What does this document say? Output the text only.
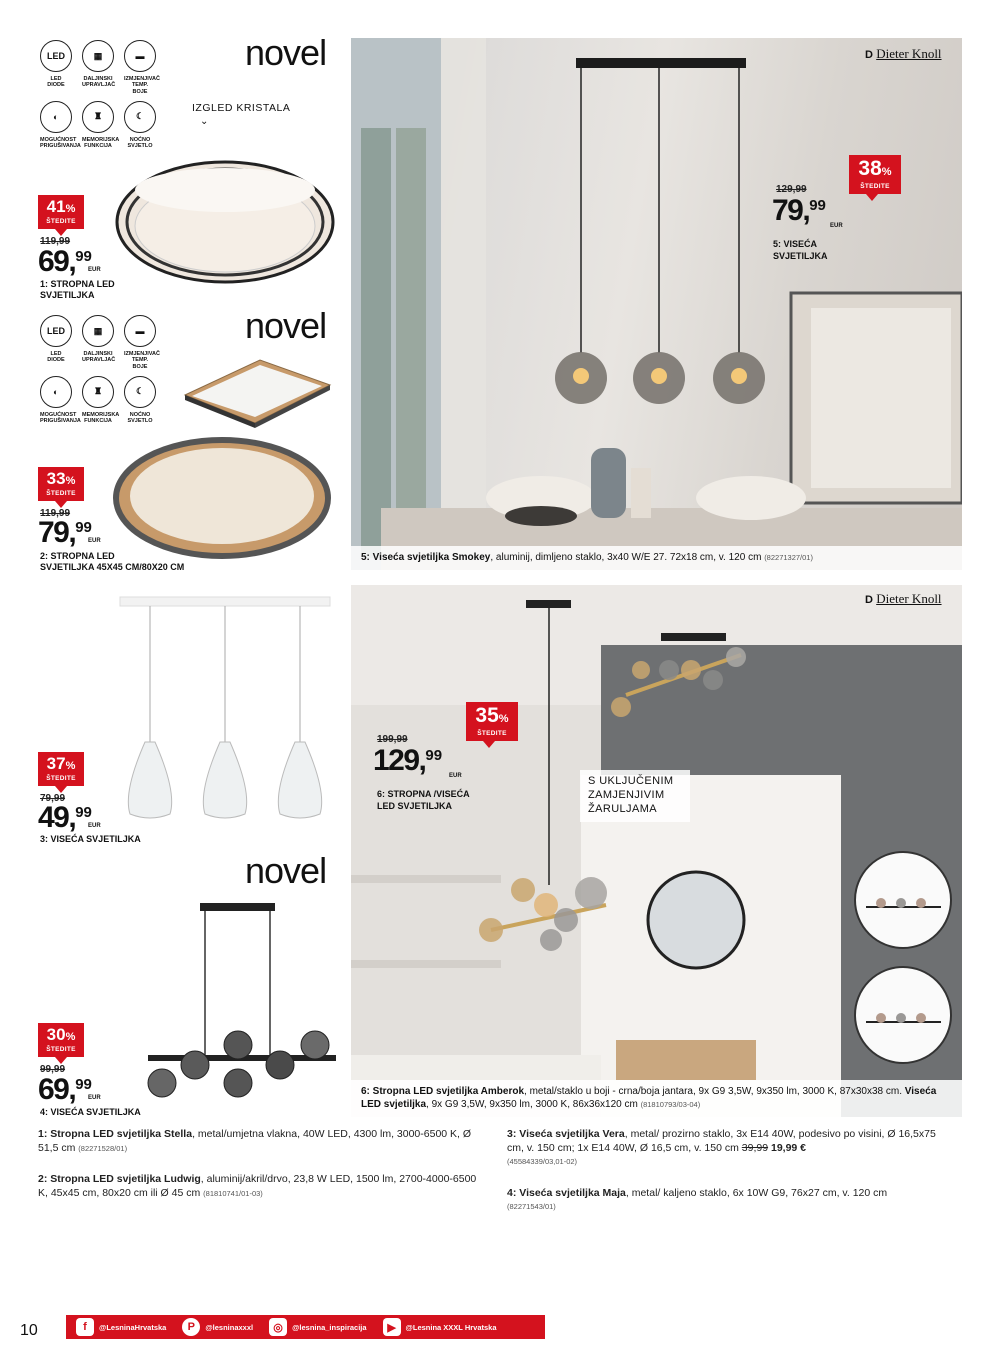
LED
LED
DIODE
▦
DALJINSKI
UPRAVLJAČ
▬
IZMJENJIVAČ
TEMP. BOJE
◐
MOGUĆNOST
PRIGUŠIVANJA
♜
MEMORIJSKA
FUNKCIJA
☾
NOĆNO
SVJETLO
novel
IZGLED KRISTALA
⌄
41%
ŠTEDITE
119,99
69,99
EUR
1: STROPNA LED
SVJETILJKA
LED
LED
DIODE
▦
DALJINSKI
UPRAVLJAČ
▬
IZMJENJIVAČ
TEMP. BOJE
◐
MOGUĆNOST
PRIGUŠIVANJA
♜
MEMORIJSKA
FUNKCIJA
☾
NOĆNO
SVJETLO
novel
33%
ŠTEDITE
119,99
79,99
EUR
2: STROPNA LED
SVJETILJKA 45X45 CM/80X20 CM
37%
ŠTEDITE
79,99
49,99
EUR
3: VISEĆA SVJETILJKA
novel
30%
ŠTEDITE
99,99
69,99
EUR
4: VISEĆA SVJETILJKA
D Dieter Knoll
38%
ŠTEDITE
129,99
79,99
EUR
5: VISEĆA
SVJETILJKA
5: Viseća svjetiljka Smokey, aluminij, dimljeno staklo, 3x40 W/E 27. 72x18 cm, v. 120 cm (82271327/01)
D Dieter Knoll
35%
ŠTEDITE
199,99
129,99
EUR
6: STROPNA /VISEĆA
LED SVJETILJKA
S UKLJUČENIM
ZAMJENJIVIM
ŽARULJAMA
6: Stropna LED svjetiljka Amberok, metal/staklo u boji - crna/boja jantara, 9x G9 3,5W, 9x350 lm, 3000 K, 87x30x38 cm. Viseća LED svjetiljka, 9x G9 3,5W, 9x350 lm, 3000 K, 86x36x120 cm (81810793/03-04)
1: Stropna LED svjetiljka Stella, metal/umjetna vlakna, 40W LED, 4300 lm, 3000-6500 K, Ø 51,5 cm (82271528/01)
2: Stropna LED svjetiljka Ludwig, aluminij/akril/drvo, 23,8 W LED, 1500 lm, 2700-4000-6500 K, 45x45 cm, 80x20 cm ili Ø 45 cm (81810741/01-03)
3: Viseća svjetiljka Vera, metal/ prozirno staklo, 3x E14 40W, podesivo po visini, Ø 16,5x75 cm, v. 150 cm; 1x E14 40W, Ø 16,5 cm, v. 150 cm 39,99 19,99 €
(45584339/03,01-02)
4: Viseća svjetiljka Maja, metal/ kaljeno staklo, 6x 10W G9, 76x27 cm, v. 120 cm
(82271543/01)
10	f	@LesninaHrvatska	P	@lesninaxxxl	◎	@lesnina_inspiracija	▶	@Lesnina XXXL Hrvatska
